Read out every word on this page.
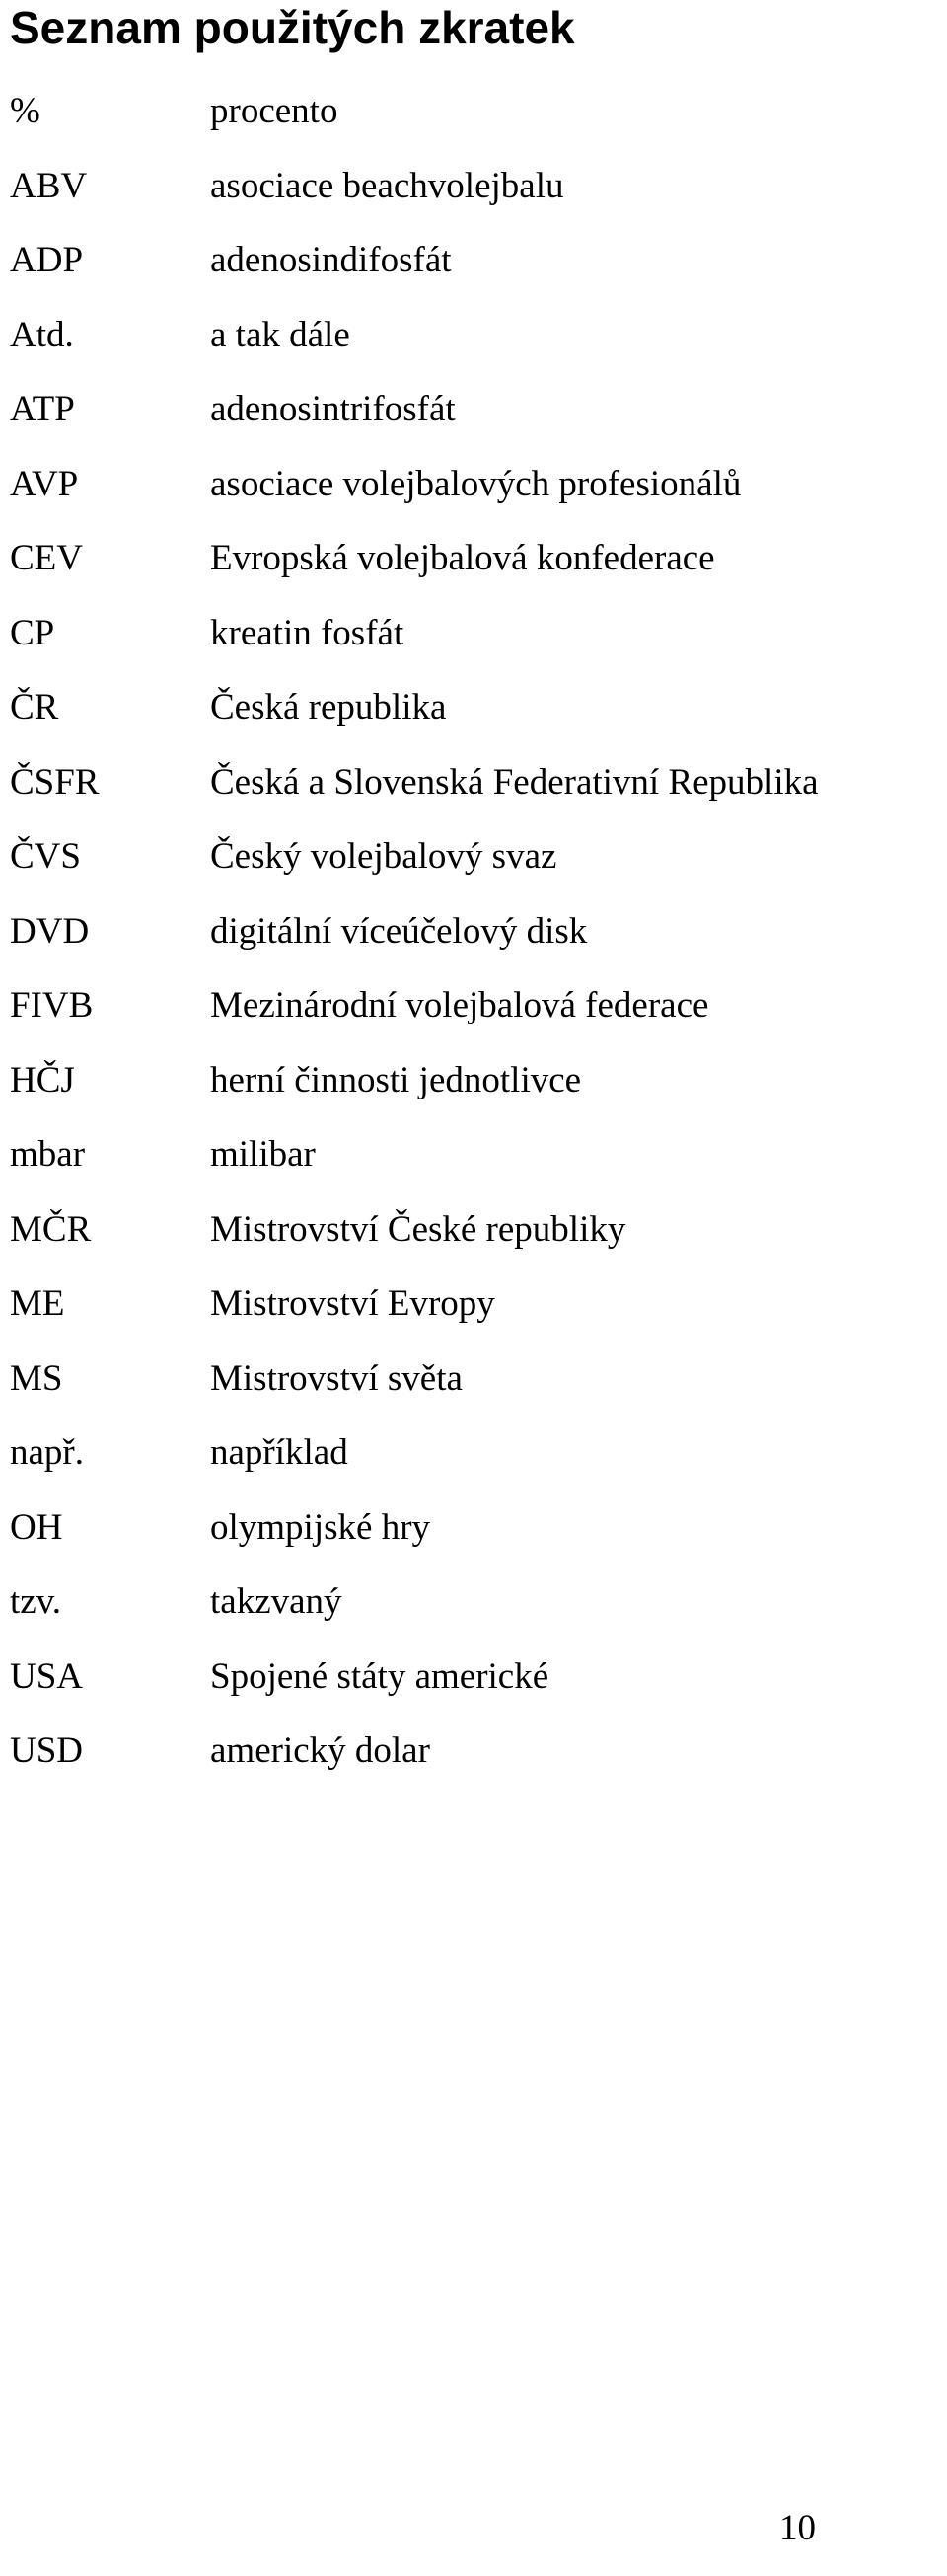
Seznam použitých zkratek
%	procento
ABV	asociace beachvolejbalu
ADP	adenosindifosfát
Atd.	a tak dále
ATP	adenosintrifosfát
AVP	asociace volejbalových profesionálů
CEV	Evropská volejbalová konfederace
CP	kreatin fosfát
ČR	Česká republika
ČSFR	Česká a Slovenská Federativní Republika
ČVS	Český volejbalový svaz
DVD	digitální víceúčelový disk
FIVB	Mezinárodní volejbalová federace
HČJ	herní činnosti jednotlivce
mbar	milibar
MČR	Mistrovství České republiky
ME	Mistrovství Evropy
MS	Mistrovství světa
např.	například
OH	olympijské hry
tzv.	takzvaný
USA	Spojené státy americké
USD	americký dolar
10
